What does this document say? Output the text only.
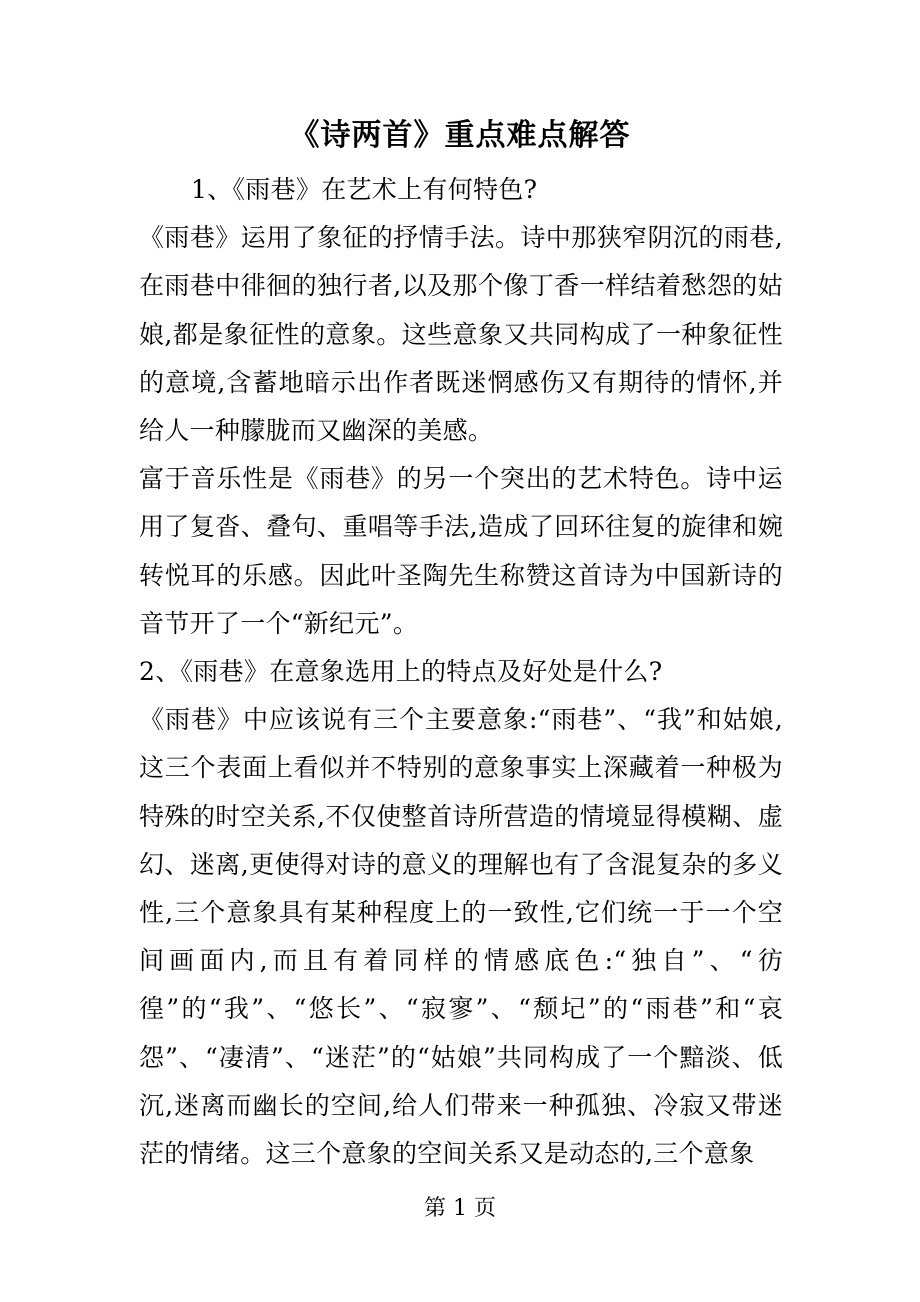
《诗两首》重点难点解答

1、《雨巷》在艺术上有何特色?

《雨巷》运用了象征的抒情手法。诗中那狭窄阴沉的雨巷,在雨巷中徘徊的独行者,以及那个像丁香一样结着愁怨的姑娘,都是象征性的意象。这些意象又共同构成了一种象征性的意境,含蓄地暗示出作者既迷惘感伤又有期待的情怀,并给人一种朦胧而又幽深的美感。

富于音乐性是《雨巷》的另一个突出的艺术特色。诗中运用了复沓、叠句、重唱等手法,造成了回环往复的旋律和婉转悦耳的乐感。因此叶圣陶先生称赞这首诗为中国新诗的音节开了一个“新纪元”。

2、《雨巷》在意象选用上的特点及好处是什么?

《雨巷》中应该说有三个主要意象:“雨巷”、“我”和姑娘,这三个表面上看似并不特别的意象事实上深藏着一种极为特殊的时空关系,不仅使整首诗所营造的情境显得模糊、虚幻、迷离,更使得对诗的意义的理解也有了含混复杂的多义性,三个意象具有某种程度上的一致性,它们统一于一个空间画面内,而且有着同样的情感底色:“独自”、“彷徨”的“我”、“悠长”、“寂寥”、“颓圮”的“雨巷”和“哀怨”、“凄清”、“迷茫”的“姑娘”共同构成了一个黯淡、低沉,迷离而幽长的空间,给人们带来一种孤独、冷寂又带迷茫的情绪。这三个意象的空间关系又是动态的,三个意象

第 1 页
